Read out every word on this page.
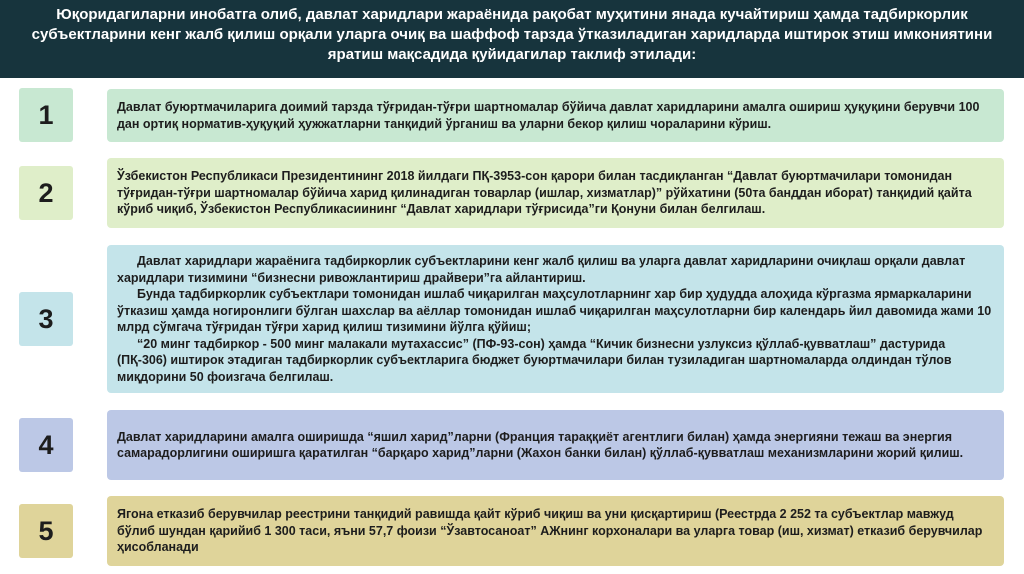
Юқоридагиларни инобатга олиб, давлат харидлари жараёнида рақобат муҳитини янада кучайтириш ҳамда тадбиркорлик субъектларини кенг жалб қилиш орқали уларга очиқ ва шаффоф тарзда ўтказиладиган харидларда иштирок этиш имкониятини яратиш мақсадида қуйидагилар таклиф этилади:
1	Давлат буюртмачиларига доимий тарзда тўғридан-тўғри шартномалар бўйича давлат харидларини амалга ошириш ҳуқуқини берувчи 100 дан ортиқ норматив-ҳуқуқий ҳужжатларни танқидий ўрганиш ва уларни бекор қилиш чораларини кўриш.

2

Ўзбекистон Республикаси Президентининг 2018 йилдаги ПҚ-3953-сон қарори билан тасдиқланган “Давлат буюртмачилари томонидан тўғридан-тўғри шартномалар бўйича харид қилинадиган товарлар (ишлар, хизматлар)” рўйхатини (50та банддан иборат) танқидий қайта кўриб чиқиб, Ўзбекистон Республикасиининг “Давлат харидлари тўғрисида”ги Қонуни билан белгилаш.

3

Давлат харидлари жараёнига тадбиркорлик субъектларини кенг жалб қилиш ва уларга давлат харидларини очиқлаш орқали давлат харидлари тизимини “бизнесни ривожлантириш драйвери”га айлантириш.

Бунда тадбиркорлик субъектлари томонидан ишлаб чиқарилган маҳсулотларнинг хар бир ҳудудда алоҳида кўргазма ярмаркаларини ўтказиш ҳамда ногиронлиги бўлган шахслар ва аёллар томонидан ишлаб чиқарилган маҳсулотларни бир календарь йил давомида жами 10 млрд сўмгача тўғридан тўғри харид қилиш тизимини йўлга қўйиш;

“20 минг тадбиркор - 500 минг малакали мутахассис” (ПФ-93-сон) ҳамда “Кичик бизнесни узлуксиз қўллаб-қувватлаш” дастурида (ПҚ-306) иштирок этадиган тадбиркорлик субъектларига бюджет буюртмачилари билан тузиладиган шартномаларда олдиндан тўлов миқдорини 50 фоизгача белгилаш.

4	Давлат харидларини амалга оширишда “яшил харид”ларни (Франция тараққиёт агентлиги билан) ҳамда энергияни тежаш ва энергия самарадорлигини оширишга қаратилган “барқаро харид”ларни (Жахон банки билан) қўллаб-қувватлаш механизмларини жорий қилиш.

5

Ягона етказиб берувчилар реестрини танқидий равишда қайт кўриб чиқиш ва уни қисқартириш (Реестрда 2 252 та субъектлар мавжуд бўлиб шундан қарийиб 1 300 таси, яъни 57,7 фоизи “Ўзавтосаноат” АЖнинг корхоналари ва уларга товар (иш, хизмат) етказиб берувчилар ҳисобланади
